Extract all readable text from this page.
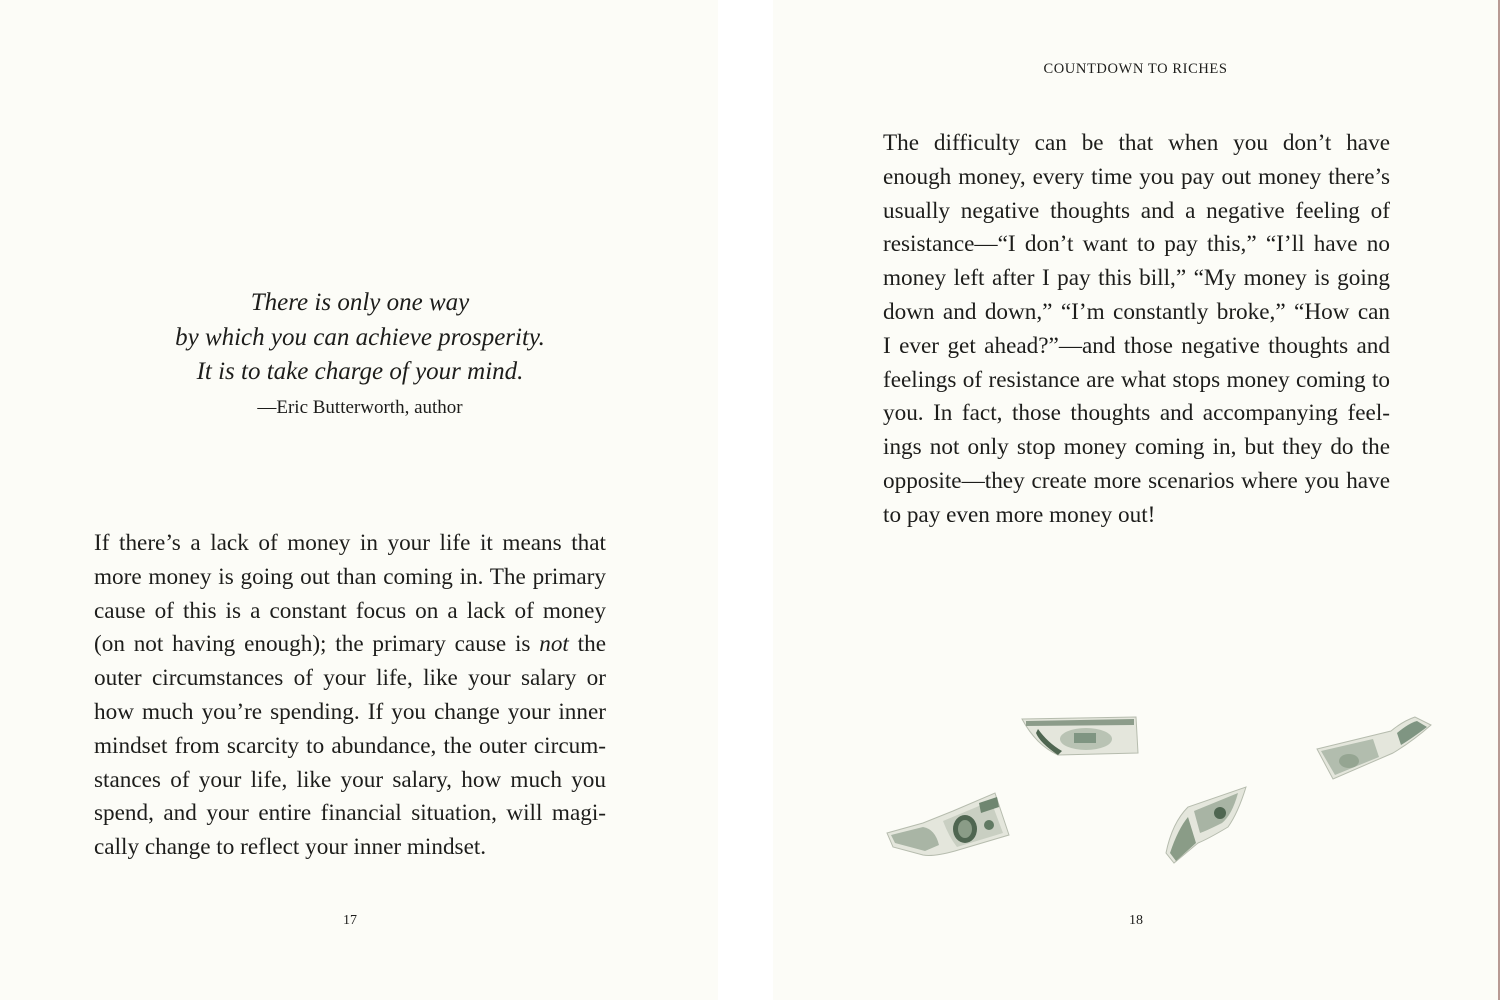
There is only one way
by which you can achieve prosperity.
It is to take charge of your mind.
—Eric Butterworth, author
If there’s a lack of money in your life it means that
more money is going out than coming in. The primary
cause of this is a constant focus on a lack of money
(on not having enough); the primary cause is not the
outer circumstances of your life, like your salary or
how much you’re spending. If you change your inner
mindset from scarcity to abundance, the outer circum-
stances of your life, like your salary, how much you
spend, and your entire financial situation, will magi-
cally change to reflect your inner mindset.
17
COUNTDOWN TO RICHES
The difficulty can be that when you don’t have
enough money, every time you pay out money there’s
usually negative thoughts and a negative feeling of
resistance—“I don’t want to pay this,” “I’ll have no
money left after I pay this bill,” “My money is going
down and down,” “I’m constantly broke,” “How can
I ever get ahead?”—and those negative thoughts and
feelings of resistance are what stops money coming to
you. In fact, those thoughts and accompanying feel-
ings not only stop money coming in, but they do the
opposite—they create more scenarios where you have
to pay even more money out!
18
